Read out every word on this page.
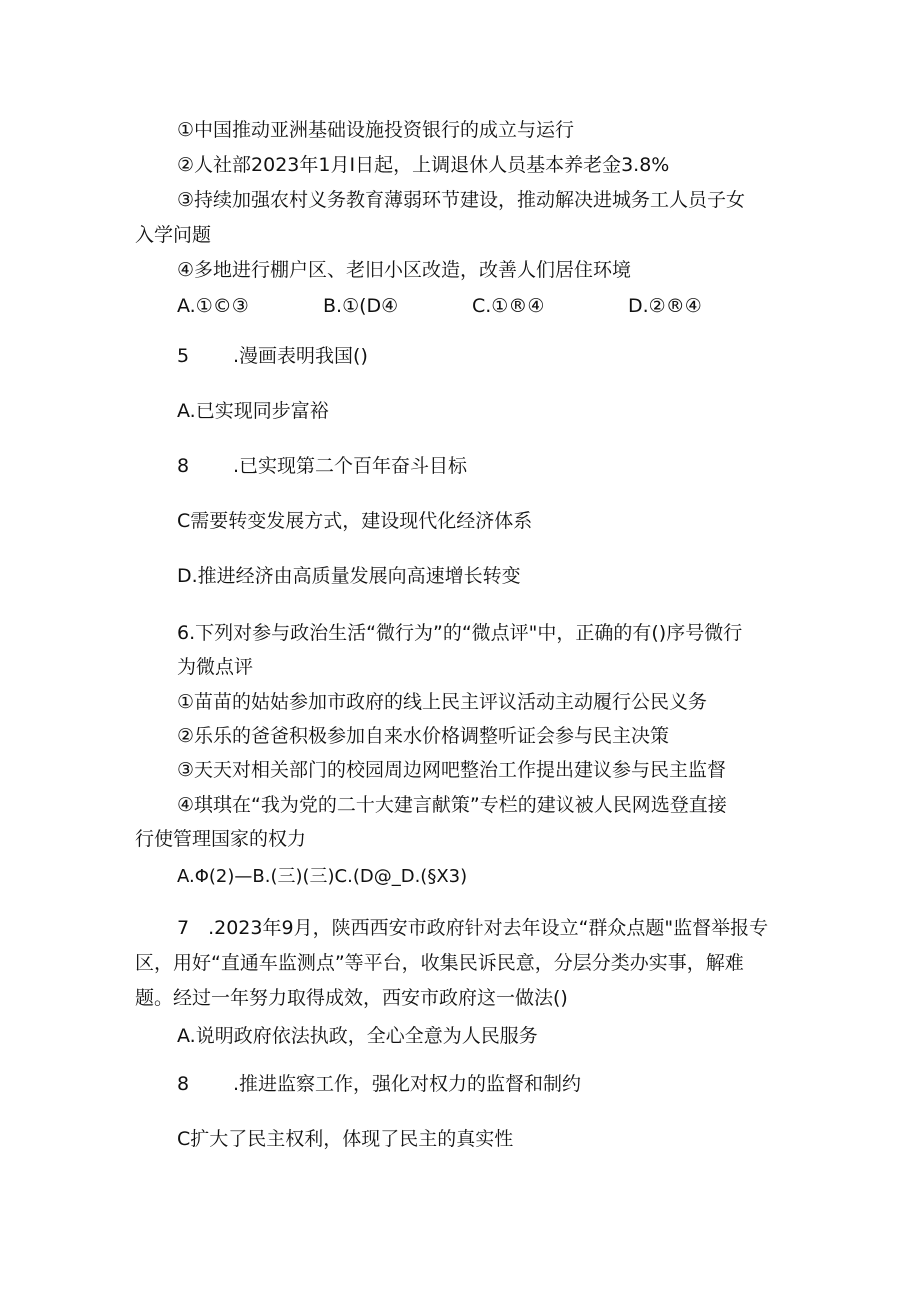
①中国推动亚洲基础设施投资银行的成立与运行
②人社部2023年1月I日起，上调退休人员基本养老金3.8%
③持续加强农村义务教育薄弱环节建设，推动解决进城务工人员子女
入学问题
④多地进行棚户区、老旧小区改造，改善人们居住环境
A.①©③	B.①(D④	C.①®④	D.②®④
5 .漫画表明我国()
A.已实现同步富裕
8 .已实现第二个百年奋斗目标
C需要转变发展方式，建设现代化经济体系
D.推进经济由高质量发展向高速增长转变
6.下列对参与政治生活“微行为”的“微点评"中，正确的有()序号微行
为微点评
①苗苗的姑姑参加市政府的线上民主评议活动主动履行公民义务
②乐乐的爸爸积极参加自来水价格调整听证会参与民主决策
③天天对相关部门的校园周边网吧整治工作提出建议参与民主监督
④琪琪在“我为党的二十大建言献策”专栏的建议被人民网选登直接
行使管理国家的权力
A.Φ(2)—B.(三)(三)C.(D@_D.(§X3)
7　.2023年9月，陕西西安市政府针对去年设立“群众点题"监督举报专
区，用好“直通车监测点”等平台，收集民诉民意，分层分类办实事，解难
题。经过一年努力取得成效，西安市政府这一做法()
A.说明政府依法执政，全心全意为人民服务
8 .推进监察工作，强化对权力的监督和制约
C扩大了民主权利，体现了民主的真实性
